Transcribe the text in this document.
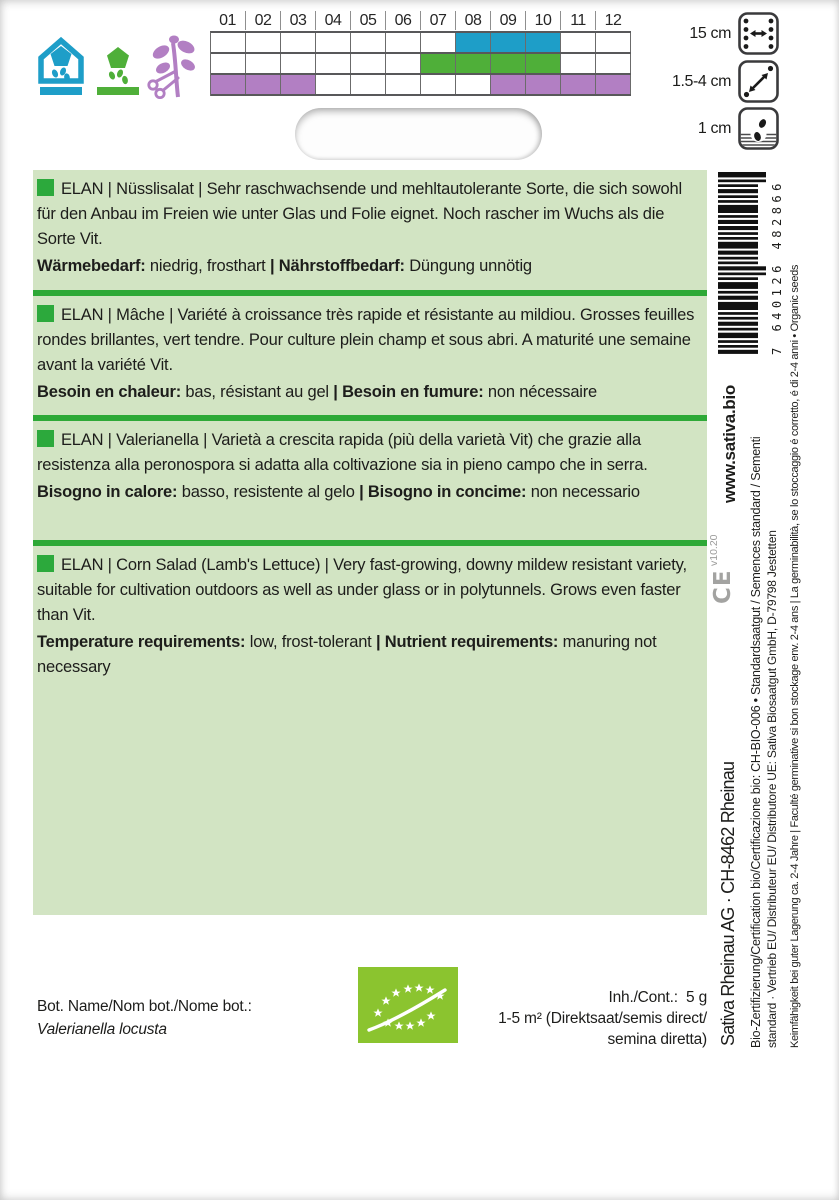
01	02	03	04	05	06	07	08	09	10	11	12
15 cm
1.5-4 cm
1 cm

ELAN | Nüsslisalat | Sehr raschwachsende und mehltautolerante Sorte, die sich sowohl für den Anbau im Freien wie unter Glas und Folie eignet. Noch rascher im Wuchs als die Sorte Vit.

Wärmebedarf: niedrig, frosthart | Nährstoffbedarf: Düngung unnötig

ELAN | Mâche | Variété à croissance très rapide et résistante au mildiou. Grosses feuilles rondes brillantes, vert tendre. Pour culture plein champ et sous abri. A maturité une semaine avant la variété Vit.

Besoin en chaleur: bas, résistant au gel | Besoin en fumure: non nécessaire

ELAN | Valerianella | Varietà a crescita rapida (più della varietà Vit) che grazie alla resistenza alla peronospora si adatta alla coltivazione sia in pieno campo che in serra.

Bisogno in calore: basso, resistente al gelo | Bisogno in concime: non necessario

ELAN | Corn Salad (Lamb's Lettuce) | Very fast-growing, downy mildew resistant variety, suitable for cultivation outdoors as well as under glass or in polytunnels. Grows even faster than Vit.

Temperature requirements: low, frost-tolerant | Nutrient requirements: manuring not necessary

7 640126 482866
www.sativa.bio
v10.20
CE
Sativa Rheinau AG · CH-8462 Rheinau Bio-Zertifizierung/Certification bio/Certificazione bio: CH-BIO-006 • Standardsaatgut / Semences standard / Sementi standard · Vertrieb EU/ Distributeur EU/ Distributore UE: Sativa Biosaatgut GmbH, D-79798 Jestetten Keimfähigkeit bei guter Lagerung ca. 2-4 Jahre | Faculté germinative si bon stockage env. 2-4 ans | La germinabilità, se lo stoccaggio é corretto, é di 2-4 anni • Organic seeds
Bot. Name/Nom bot./Nome bot.:
Valerianella locusta
Inh./Cont.:  5 g
1-5 m² (Direktsaat/semis direct/
semina diretta)
